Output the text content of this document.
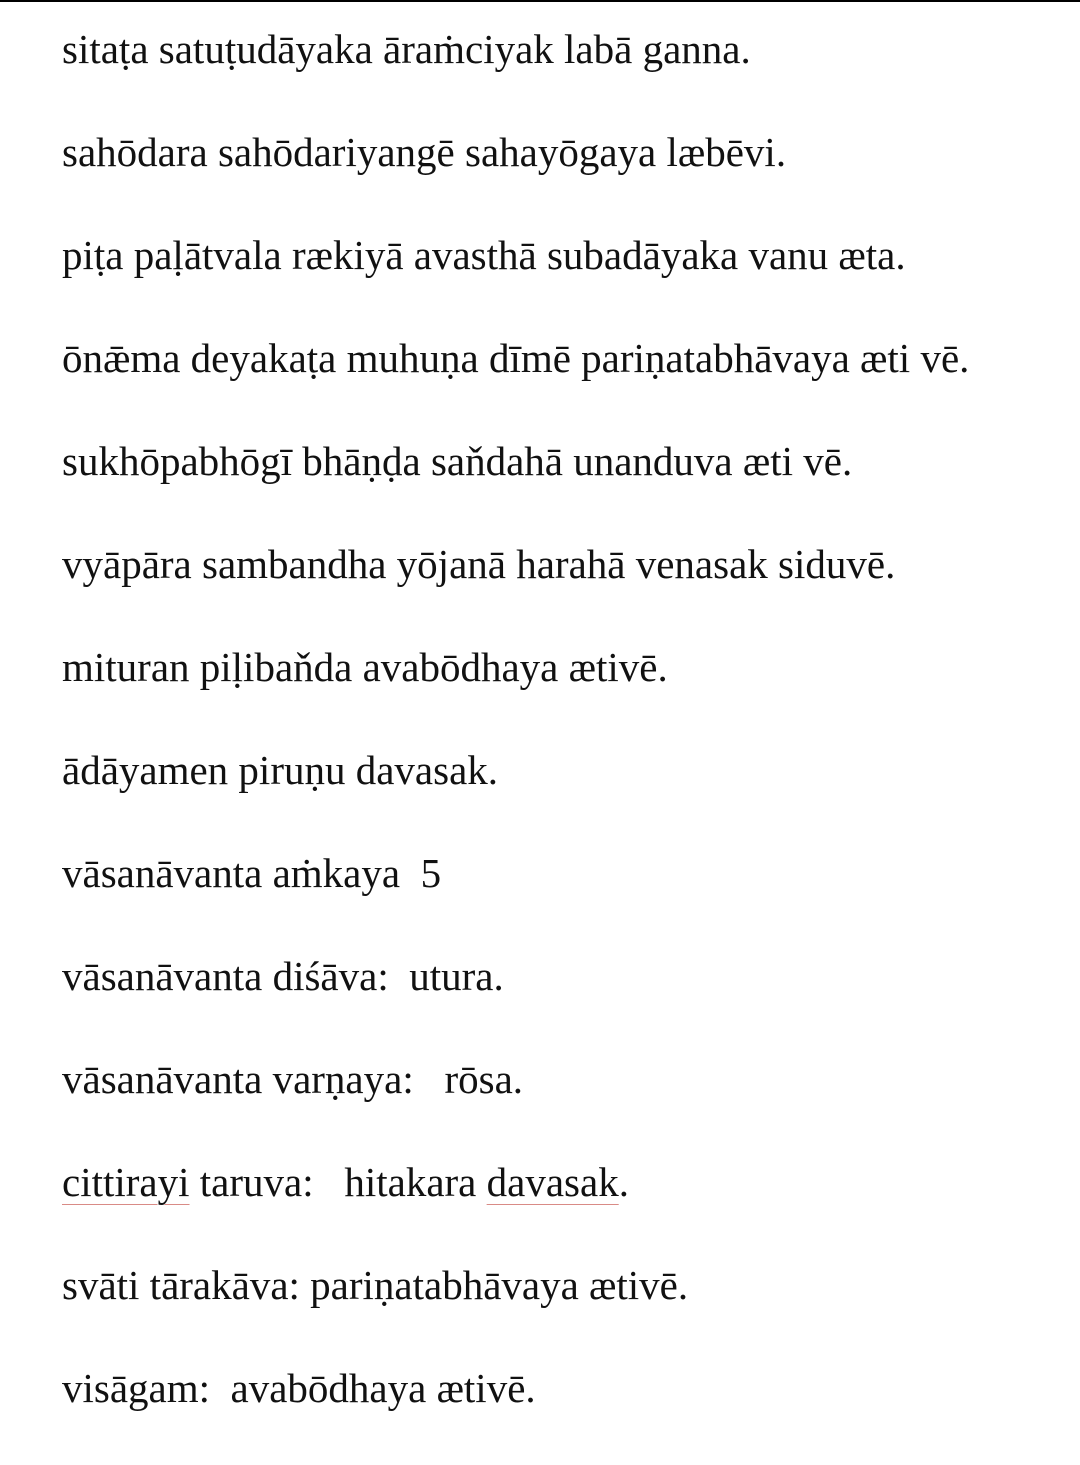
sitaṭa satuṭudāyaka āraṁciyak labā ganna.

sahōdara sahōdariyangē sahayōgaya læbēvi.

piṭa paḷātvala rækiyā avasthā subadāyaka vanu æta.

ōnǣma deyakaṭa muhuṇa dīmē pariṇatabhāvaya æti vē.

sukhōpabhōgī bhāṇḍa saňdahā unanduva æti vē.

vyāpāra sambandha yōjanā harahā venasak siduvē.

mituran piḷibaňda avabōdhaya ætivē.

ādāyamen piruṇu davasak.

vāsanāvanta aṁkaya  5

vāsanāvanta diśāva:  utura.

vāsanāvanta varṇaya:   rōsa.

cittirayi taruva:   hitakara davasak.

svāti tārakāva: pariṇatabhāvaya ætivē.

visāgam:  avabōdhaya ætivē.
